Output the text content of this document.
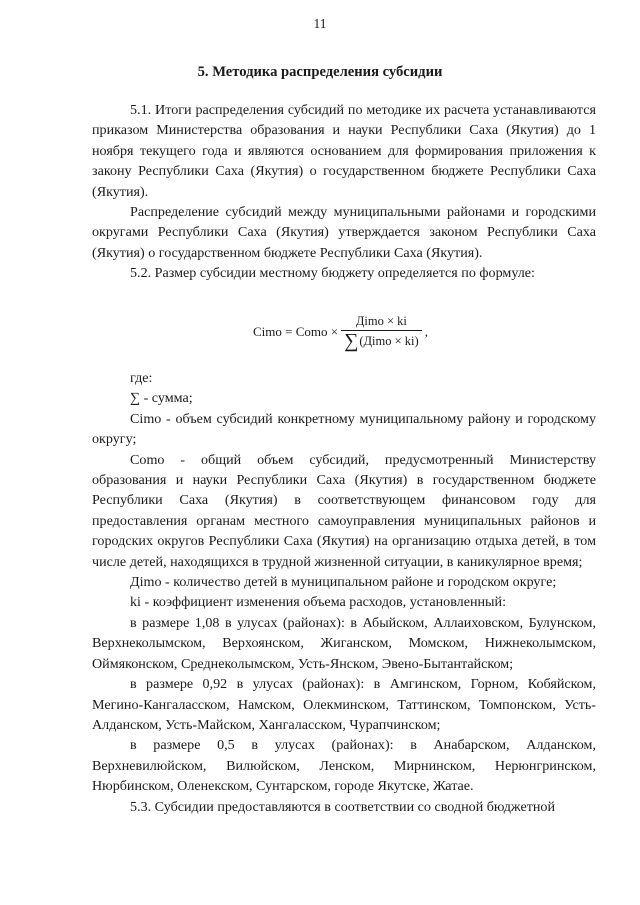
11
5. Методика распределения субсидии

5.1. Итоги распределения субсидий по методике их расчета устанавливаются приказом Министерства образования и науки Республики Саха (Якутия) до 1 ноября текущего года и являются основанием для формирования приложения к закону Республики Саха (Якутия) о государственном бюджете Республики Саха (Якутия).

Распределение субсидий между муниципальными районами и городскими округами Республики Саха (Якутия) утверждается законом Республики Саха (Якутия) о государственном бюджете Республики Саха (Якутия).

5.2. Размер субсидии местному бюджету определяется по формуле:

Cimo = Como × $\frac{\text{Дimo × ki}}{\text{∑ (Дimo × ki)}}$ ,

где:

∑ - сумма;

Cimo - объем субсидий конкретному муниципальному району и городскому округу;

Como - общий объем субсидий, предусмотренный Министерству образования и науки Республики Саха (Якутия) в государственном бюджете Республики Саха (Якутия) в соответствующем финансовом году для предоставления органам местного самоуправления муниципальных районов и городских округов Республики Саха (Якутия) на организацию отдыха детей, в том числе детей, находящихся в трудной жизненной ситуации, в каникулярное время;

Дimo - количество детей в муниципальном районе и городском округе;

ki - коэффициент изменения объема расходов, установленный:

в размере 1,08 в улусах (районах): в Абыйском, Аллаиховском, Булунском, Верхнеколымском, Верхоянском, Жиганском, Момском, Нижнеколымском, Оймяконском, Среднеколымском, Усть-Янском, Эвено-Бытантайском;

в размере 0,92 в улусах (районах): в Амгинском, Горном, Кобяйском, Мегино-Кангаласском, Намском, Олекминском, Таттинском, Томпонском, Усть-Алданском, Усть-Майском, Хангаласском, Чурапчинском;

в размере 0,5 в улусах (районах): в Анабарском, Алданском, Верхневилюйском, Вилюйском, Ленском, Мирнинском, Нерюнгринском, Нюрбинском, Оленекском, Сунтарском, городе Якутске, Жатае.

5.3. Субсидии предоставляются в соответствии со сводной бюджетной
